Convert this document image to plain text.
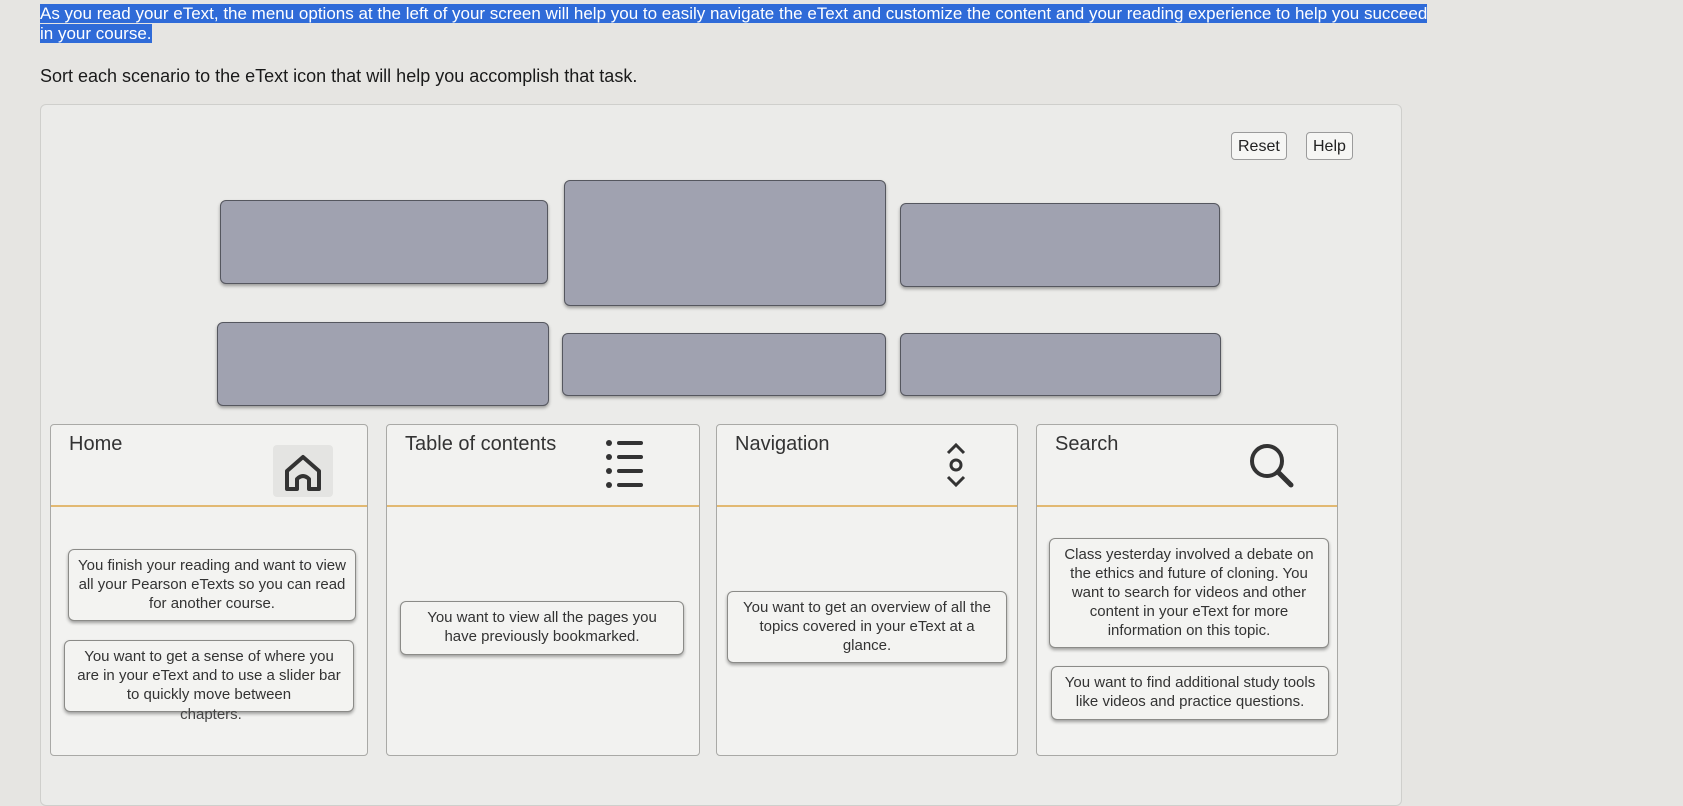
As you read your eText, the menu options at the left of your screen will help you to easily navigate the eText and customize the content and your reading experience to help you succeed
in your course.
Sort each scenario to the eText icon that will help you accomplish that task.
Reset	Help
Home	Table of contents	Navigation	Search
You finish your reading and want to view all your Pearson eTexts so you can read for another course.
You want to get a sense of where you are in your eText and to use a slider bar to quickly move between
chapters.
You want to view all the pages you have previously bookmarked.
You want to get an overview of all the topics covered in your eText at a glance.
Class yesterday involved a debate on the ethics and future of cloning. You want to search for videos and other content in your eText for more information on this topic.
You want to find additional study tools like videos and practice questions.
